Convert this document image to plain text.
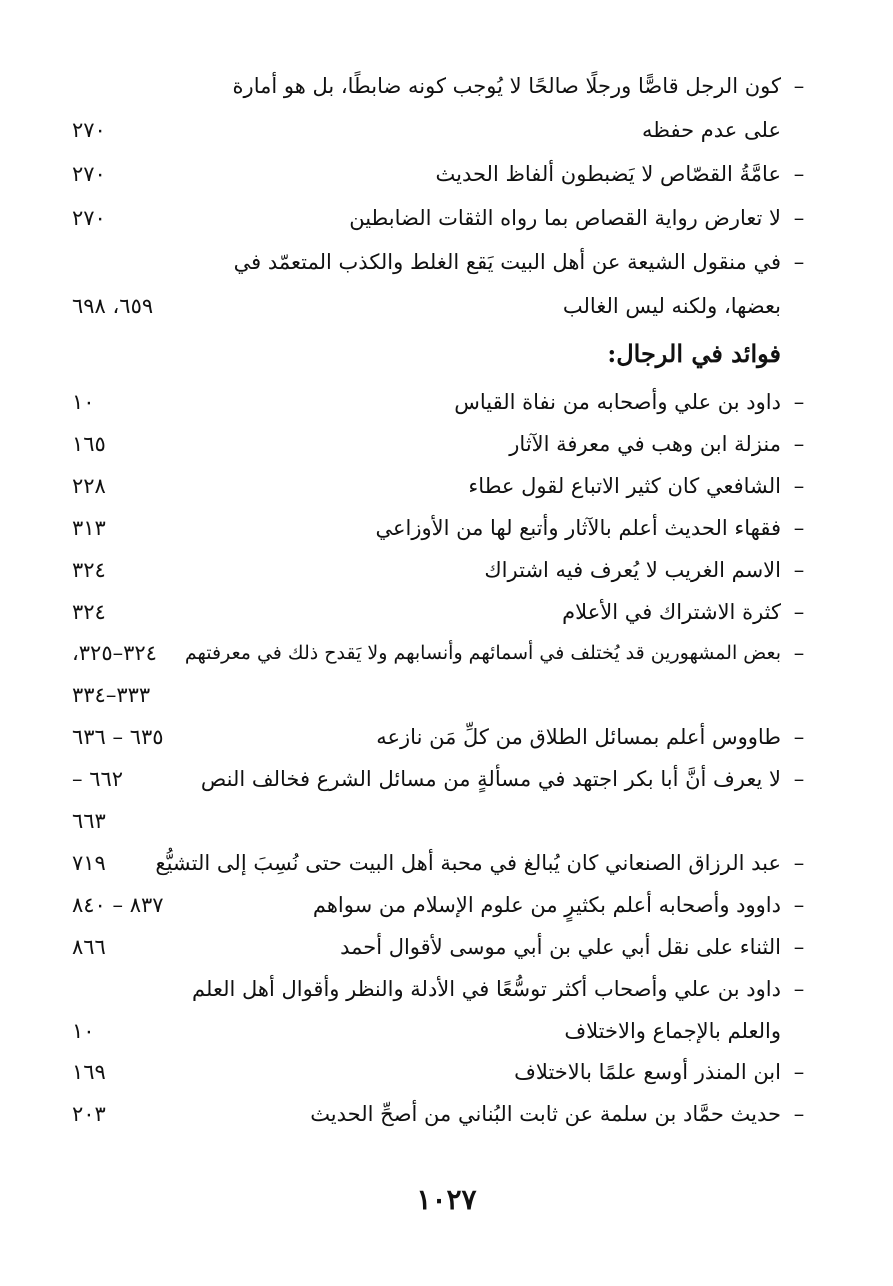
–
كون الرجل قاصًّا ورجلًا صالحًا لا يُوجب كونه ضابطًا، بل هو أمارة
على عدم حفظه
٢٧٠
–
عامَّةُ القصّاص لا يَضبطون ألفاظ الحديث
٢٧٠
–
لا تعارض رواية القصاص بما رواه الثقات الضابطين
٢٧٠
–
في منقول الشيعة عن أهل البيت يَقع الغلط والكذب المتعمّد في
بعضها، ولكنه ليس الغالب
٦٥٩، ٦٩٨
فوائد في الرجال:
–
داود بن علي وأصحابه من نفاة القياس
١٠
–
منزلة ابن وهب في معرفة الآثار
١٦٥
–
الشافعي كان كثير الاتباع لقول عطاء
٢٢٨
–
فقهاء الحديث أعلم بالآثار وأتبع لها من الأوزاعي
٣١٣
–
الاسم الغريب لا يُعرف فيه اشتراك
٣٢٤
–
كثرة الاشتراك في الأعلام
٣٢٤
–
بعض المشهورين قد يُختلف في أسمائهم وأنسابهم ولا يَقدح ذلك في معرفتهم
٣٢٤–٣٢٥،
٣٣٣–٣٣٤
–
طاووس أعلم بمسائل الطلاق من كلِّ مَن نازعه
٦٣٥ – ٦٣٦
–
لا يعرف أنَّ أبا بكر اجتهد في مسألةٍ من مسائل الشرع فخالف النص
٦٦٢ –
٦٦٣
–
عبد الرزاق الصنعاني كان يُبالغ في محبة أهل البيت حتى نُسِبَ إلى التشيُّع
٧١٩
–
داوود وأصحابه أعلم بكثيرٍ من علوم الإسلام من سواهم
٨٣٧ – ٨٤٠
–
الثناء على نقل أبي علي بن أبي موسى لأقوال أحمد
٨٦٦
–
داود بن علي وأصحاب أكثر توسُّعًا في الأدلة والنظر وأقوال أهل العلم
والعلم بالإجماع والاختلاف
١٠
–
ابن المنذر أوسع علمًا بالاختلاف
١٦٩
–
حديث حمَّاد بن سلمة عن ثابت البُناني من أصحِّ الحديث
٢٠٣
١٠٢٧
